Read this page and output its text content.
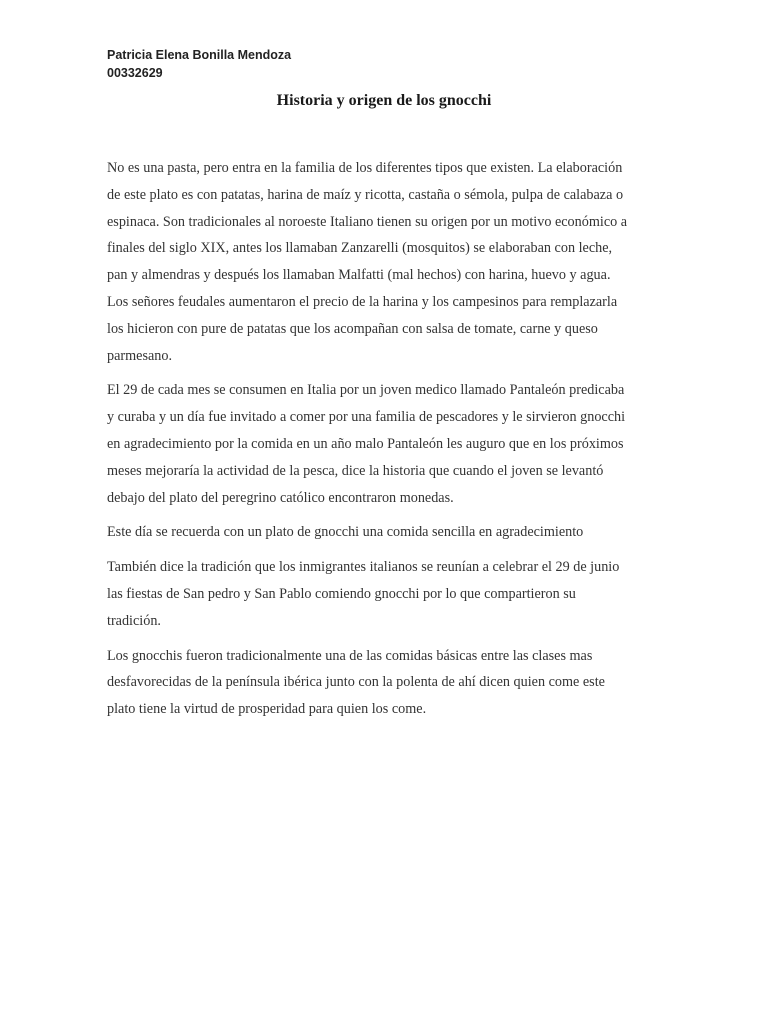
Patricia Elena Bonilla Mendoza
00332629
Historia y origen de los gnocchi

No es una pasta, pero entra en la familia de los diferentes tipos que existen. La elaboración
de este plato es con patatas, harina de maíz y ricotta, castaña o sémola, pulpa de calabaza o
espinaca. Son tradicionales al noroeste Italiano tienen su origen por un motivo económico a
finales del siglo XIX, antes los llamaban Zanzarelli (mosquitos) se elaboraban con leche,
pan y almendras y después los llamaban Malfatti (mal hechos) con harina, huevo y agua.
Los señores feudales aumentaron el precio de la harina y los campesinos para remplazarla
los hicieron con pure de patatas que los acompañan con salsa de tomate, carne y queso
parmesano.

El 29 de cada mes se consumen en Italia por un joven medico llamado Pantaleón predicaba
y curaba y un día fue invitado a comer por una familia de pescadores y le sirvieron gnocchi
en agradecimiento por la comida en un año malo Pantaleón les auguro que en los próximos
meses mejoraría la actividad de la pesca, dice la historia que cuando el joven se levantó
debajo del plato del peregrino católico encontraron monedas.

Este día se recuerda con un plato de gnocchi una comida sencilla en agradecimiento

También dice la tradición que los inmigrantes italianos se reunían a celebrar el 29 de junio
las fiestas de San pedro y San Pablo comiendo gnocchi por lo que compartieron su
tradición.

Los gnocchis fueron tradicionalmente una de las comidas básicas entre las clases mas
desfavorecidas de la península ibérica junto con la polenta de ahí dicen quien come este
plato tiene la virtud de prosperidad para quien los come.
